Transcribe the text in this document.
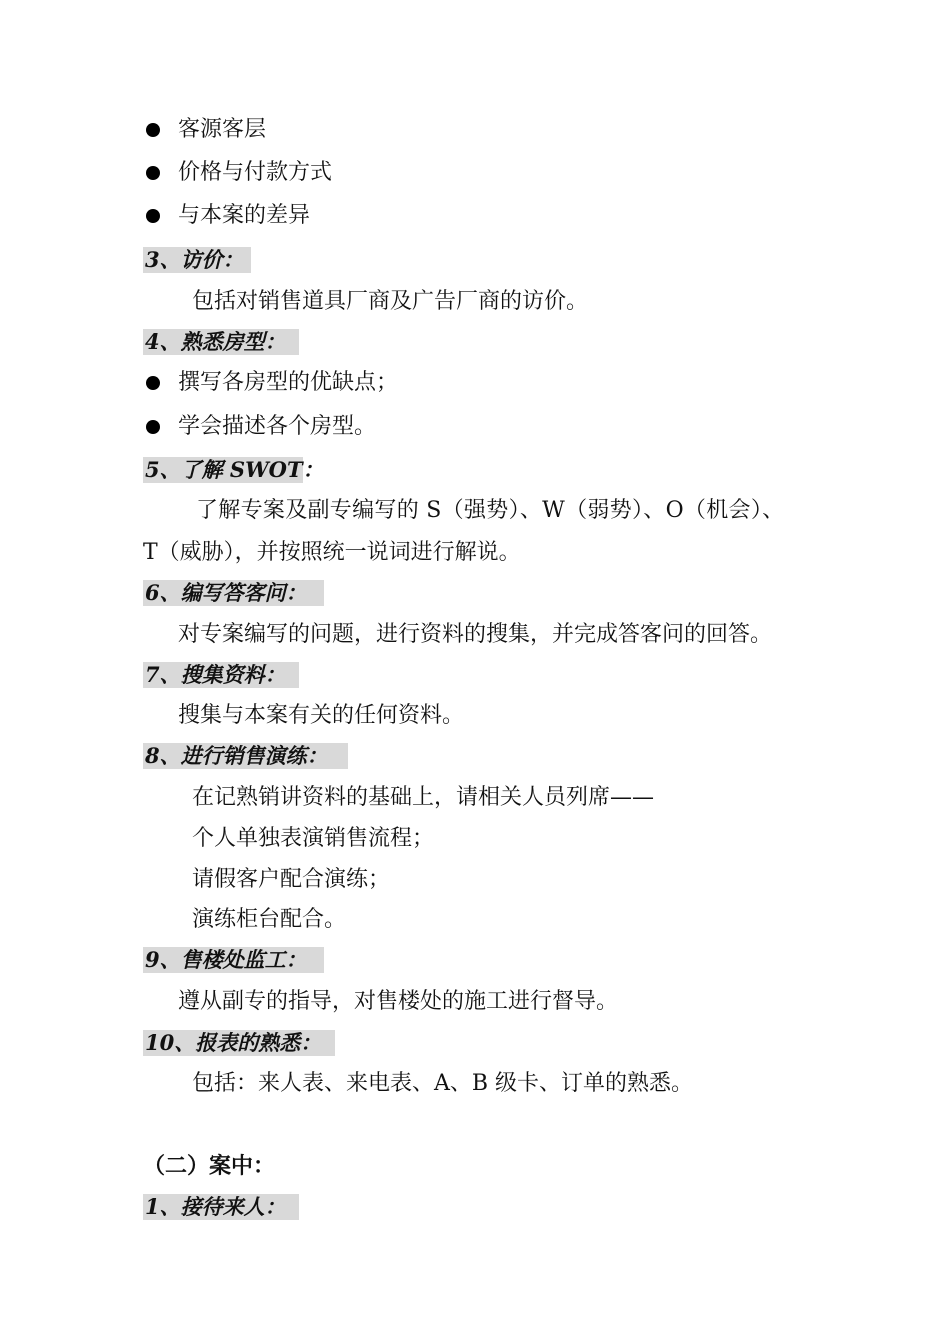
客源客层
价格与付款方式
与本案的差异
3、访价：
包括对销售道具厂商及广告厂商的访价。
4、熟悉房型：
撰写各房型的优缺点；
学会描述各个房型。
5、了解 SWOT：
了解专案及副专编写的 S（强势）、W（弱势）、O（机会）、
T（威胁），并按照统一说词进行解说。
6、编写答客问：
对专案编写的问题，进行资料的搜集，并完成答客问的回答。
7、搜集资料：
搜集与本案有关的任何资料。
8、进行销售演练：
在记熟销讲资料的基础上，请相关人员列席——
个人单独表演销售流程；
请假客户配合演练；
演练柜台配合。
9、售楼处监工：
遵从副专的指导，对售楼处的施工进行督导。
10、报表的熟悉：
包括：来人表、来电表、A、B 级卡、订单的熟悉。
（二）案中：
1、接待来人：
